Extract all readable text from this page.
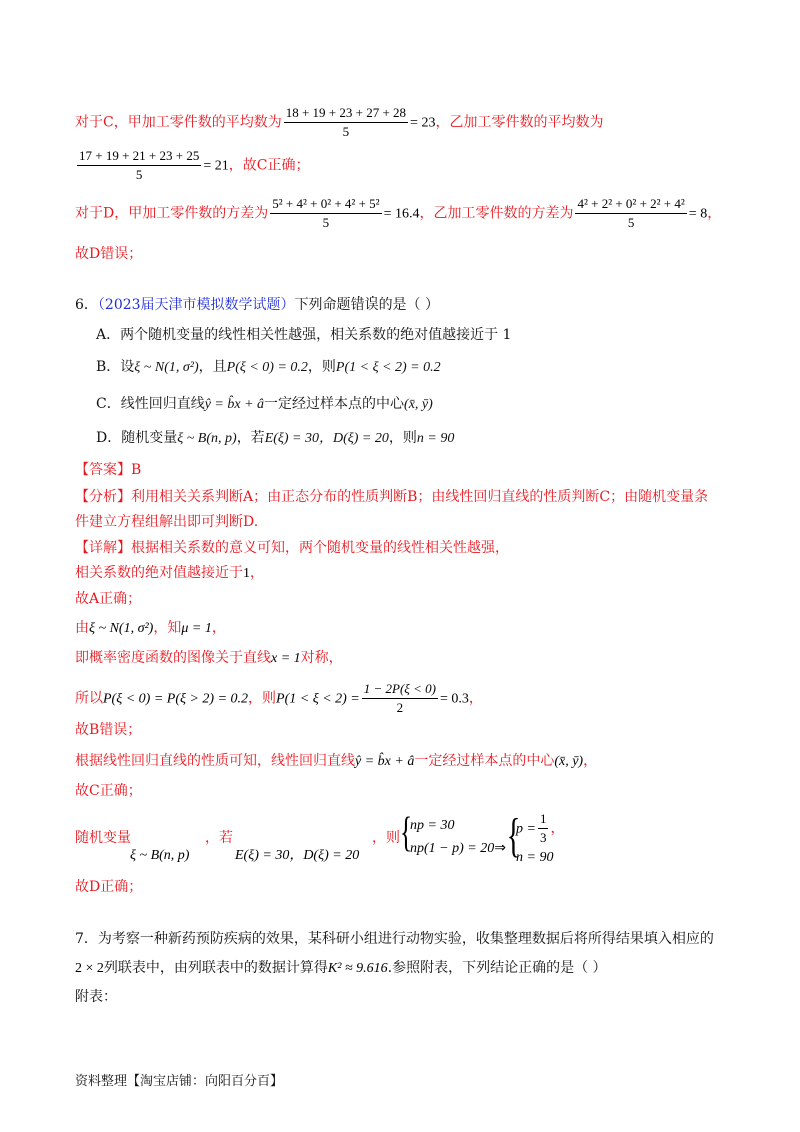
对于C，甲加工零件数的平均数为 $\frac{18 + 19 + 23 + 27 + 28}{5} = 23$，乙加工零件数的平均数为
$\frac{17 + 19 + 21 + 23 + 25}{5} = 21$，故C正确；
对于D，甲加工零件数的方差为 $\frac{\text{5² + 4² + 0² + 4² + 5²}}{5} = 16.4$，乙加工零件数的方差为 $\frac{\text{4² + 2² + 0² + 2² + 4²}}{5} = 8$，
故D错误；
6．（2023届天津市模拟数学试题）下列命题错误的是（ ）
A．两个随机变量的线性相关性越强，相关系数的绝对值越接近于 1
B．设ξ ~ N(1, σ²)，且P(ξ < 0) = 0.2，则P(1 < ξ < 2) = 0.2
C．线性回归直线ŷ = b̂x + â一定经过样本点的中心(x̄, ȳ)
D．随机变量ξ ~ B(n, p)，若E(ξ) = 30，D(ξ) = 20，则n = 90
【答案】B
【分析】利用相关关系判断A；由正态分布的性质判断B；由线性回归直线的性质判断C；由随机变量条
件建立方程组解出即可判断D.
【详解】根据相关系数的意义可知，两个随机变量的线性相关性越强，
相关系数的绝对值越接近于1，
故A正确；
由ξ ~ N(1, σ²)，知μ = 1，
即概率密度函数的图像关于直线x = 1对称，
所以P(ξ < 0) = P(ξ > 2) = 0.2，则$P(1 < \xi < 2) = \frac{1 - 2P(\xi < 0)}{2} = 0.3$，
故B错误；
根据线性回归直线的性质可知，线性回归直线ŷ = b̂x + â一定经过样本点的中心(x̄, ȳ)，
故C正确；
随机变量
ξ ~ B(n, p)
，若
E(ξ) = 30，D(ξ) = 20
，则 {
np = 30
np(1 − p) = 20⇒ {
$p = \frac{1}{3}$ ，
n = 90
故D正确；
7．为考察一种新药预防疾病的效果，某科研小组进行动物实验，收集整理数据后将所得结果填入相应的
2 × 2列联表中，由列联表中的数据计算得K² ≈ 9.616.参照附表，下列结论正确的是（ ）
附表：
资料整理【淘宝店铺：向阳百分百】
